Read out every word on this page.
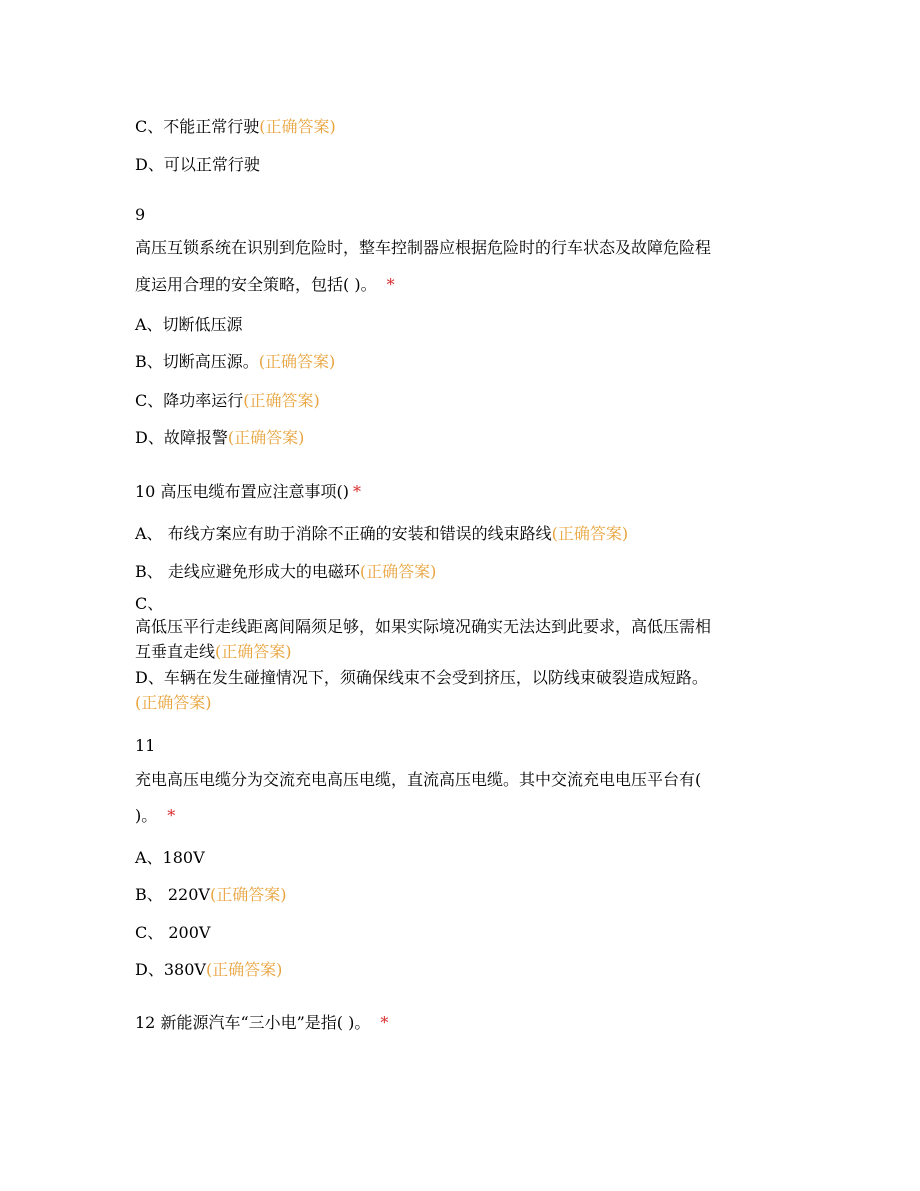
C、不能正常行驶(正确答案)
D、可以正常行驶
9
高压互锁系统在识别到危险时，整车控制器应根据危险时的行车状态及故障危险程
度运用合理的安全策略，包括( )。 *
A、切断低压源
B、切断高压源。(正确答案)
C、降功率运行(正确答案)
D、故障报警(正确答案)
10 高压电缆布置应注意事项() *
A、 布线方案应有助于消除不正确的安装和错误的线束路线(正确答案)
B、 走线应避免形成大的电磁环(正确答案)
C、
高低压平行走线距离间隔须足够，如果实际境况确实无法达到此要求，高低压需相
互垂直走线(正确答案)
D、车辆在发生碰撞情况下，须确保线束不会受到挤压，以防线束破裂造成短路。
(正确答案)
11
充电高压电缆分为交流充电高压电缆，直流高压电缆。其中交流充电电压平台有(
)。 *
A、180V
B、 220V(正确答案)
C、 200V
D、380V(正确答案)
12 新能源汽车“三小电”是指( )。 *
